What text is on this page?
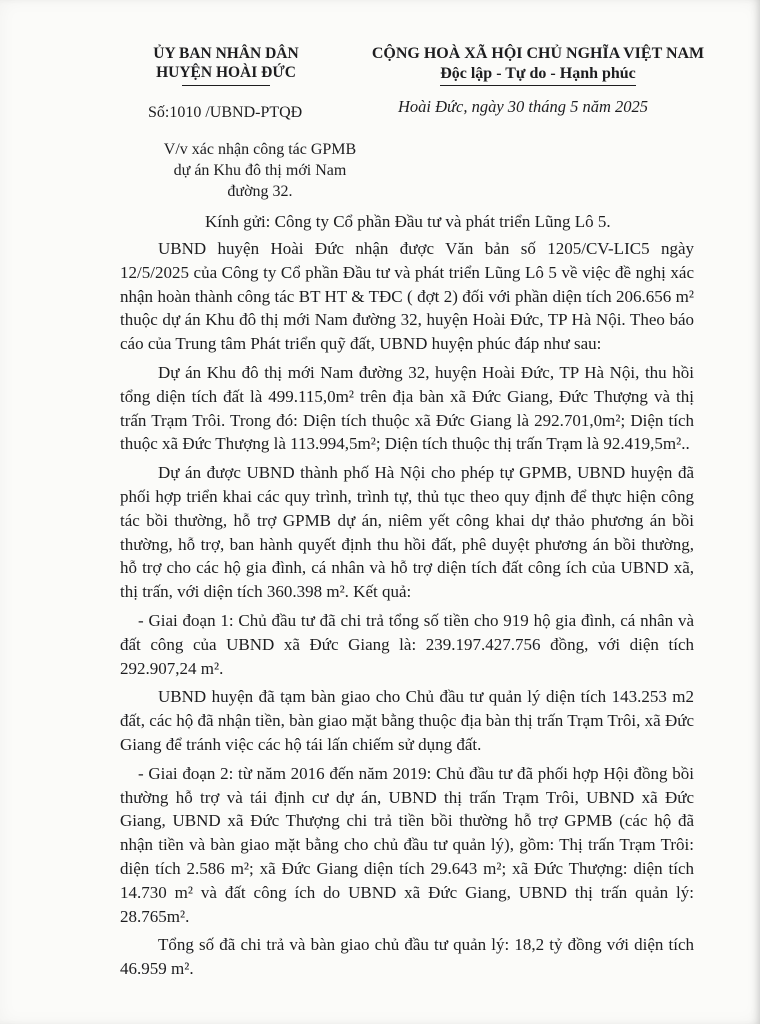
ỦY BAN NHÂN DÂN
HUYỆN HOÀI ĐỨC
CỘNG HOÀ XÃ HỘI CHỦ NGHĨA VIỆT NAM
Độc lập - Tự do - Hạnh phúc
Số:1010 /UBND-PTQĐ	Hoài Đức, ngày 30 tháng 5 năm 2025
V/v xác nhận công tác GPMB dự án Khu đô thị mới Nam đường 32.
Kính gửi: Công ty Cổ phần Đầu tư và phát triển Lũng Lô 5.

UBND huyện Hoài Đức nhận được Văn bản số 1205/CV-LIC5 ngày 12/5/2025 của Công ty Cổ phần Đầu tư và phát triển Lũng Lô 5 về việc đề nghị xác nhận hoàn thành công tác BT HT & TĐC ( đợt 2) đối với phần diện tích 206.656 m² thuộc dự án Khu đô thị mới Nam đường 32, huyện Hoài Đức, TP Hà Nội. Theo báo cáo của Trung tâm Phát triển quỹ đất, UBND huyện phúc đáp như sau:

Dự án Khu đô thị mới Nam đường 32, huyện Hoài Đức, TP Hà Nội, thu hồi tổng diện tích đất là 499.115,0m² trên địa bàn xã Đức Giang, Đức Thượng và thị trấn Trạm Trôi. Trong đó: Diện tích thuộc xã Đức Giang là 292.701,0m²; Diện tích thuộc xã Đức Thượng là 113.994,5m²; Diện tích thuộc thị trấn Trạm là 92.419,5m²..

Dự án được UBND thành phố Hà Nội cho phép tự GPMB, UBND huyện đã phối hợp triển khai các quy trình, trình tự, thủ tục theo quy định để thực hiện công tác bồi thường, hỗ trợ GPMB dự án, niêm yết công khai dự thảo phương án bồi thường, hỗ trợ, ban hành quyết định thu hồi đất, phê duyệt phương án bồi thường, hỗ trợ cho các hộ gia đình, cá nhân và hỗ trợ diện tích đất công ích của UBND xã, thị trấn, với diện tích 360.398 m². Kết quả:

- Giai đoạn 1: Chủ đầu tư đã chi trả tổng số tiền cho 919 hộ gia đình, cá nhân và đất công của UBND xã Đức Giang là: 239.197.427.756 đồng, với diện tích 292.907,24 m².

UBND huyện đã tạm bàn giao cho Chủ đầu tư quản lý diện tích 143.253 m2 đất, các hộ đã nhận tiền, bàn giao mặt bằng thuộc địa bàn thị trấn Trạm Trôi, xã Đức Giang để tránh việc các hộ tái lấn chiếm sử dụng đất.

- Giai đoạn 2: từ năm 2016 đến năm 2019: Chủ đầu tư đã phối hợp Hội đồng bồi thường hỗ trợ và tái định cư dự án, UBND thị trấn Trạm Trôi, UBND xã Đức Giang, UBND xã Đức Thượng chi trả tiền bồi thường hỗ trợ GPMB (các hộ đã nhận tiền và bàn giao mặt bằng cho chủ đầu tư quản lý), gồm: Thị trấn Trạm Trôi: diện tích 2.586 m²; xã Đức Giang diện tích 29.643 m²; xã Đức Thượng: diện tích 14.730 m² và đất công ích do UBND xã Đức Giang, UBND thị trấn quản lý: 28.765m².

Tổng số đã chi trả và bàn giao chủ đầu tư quản lý: 18,2 tỷ đồng với diện tích 46.959 m².
